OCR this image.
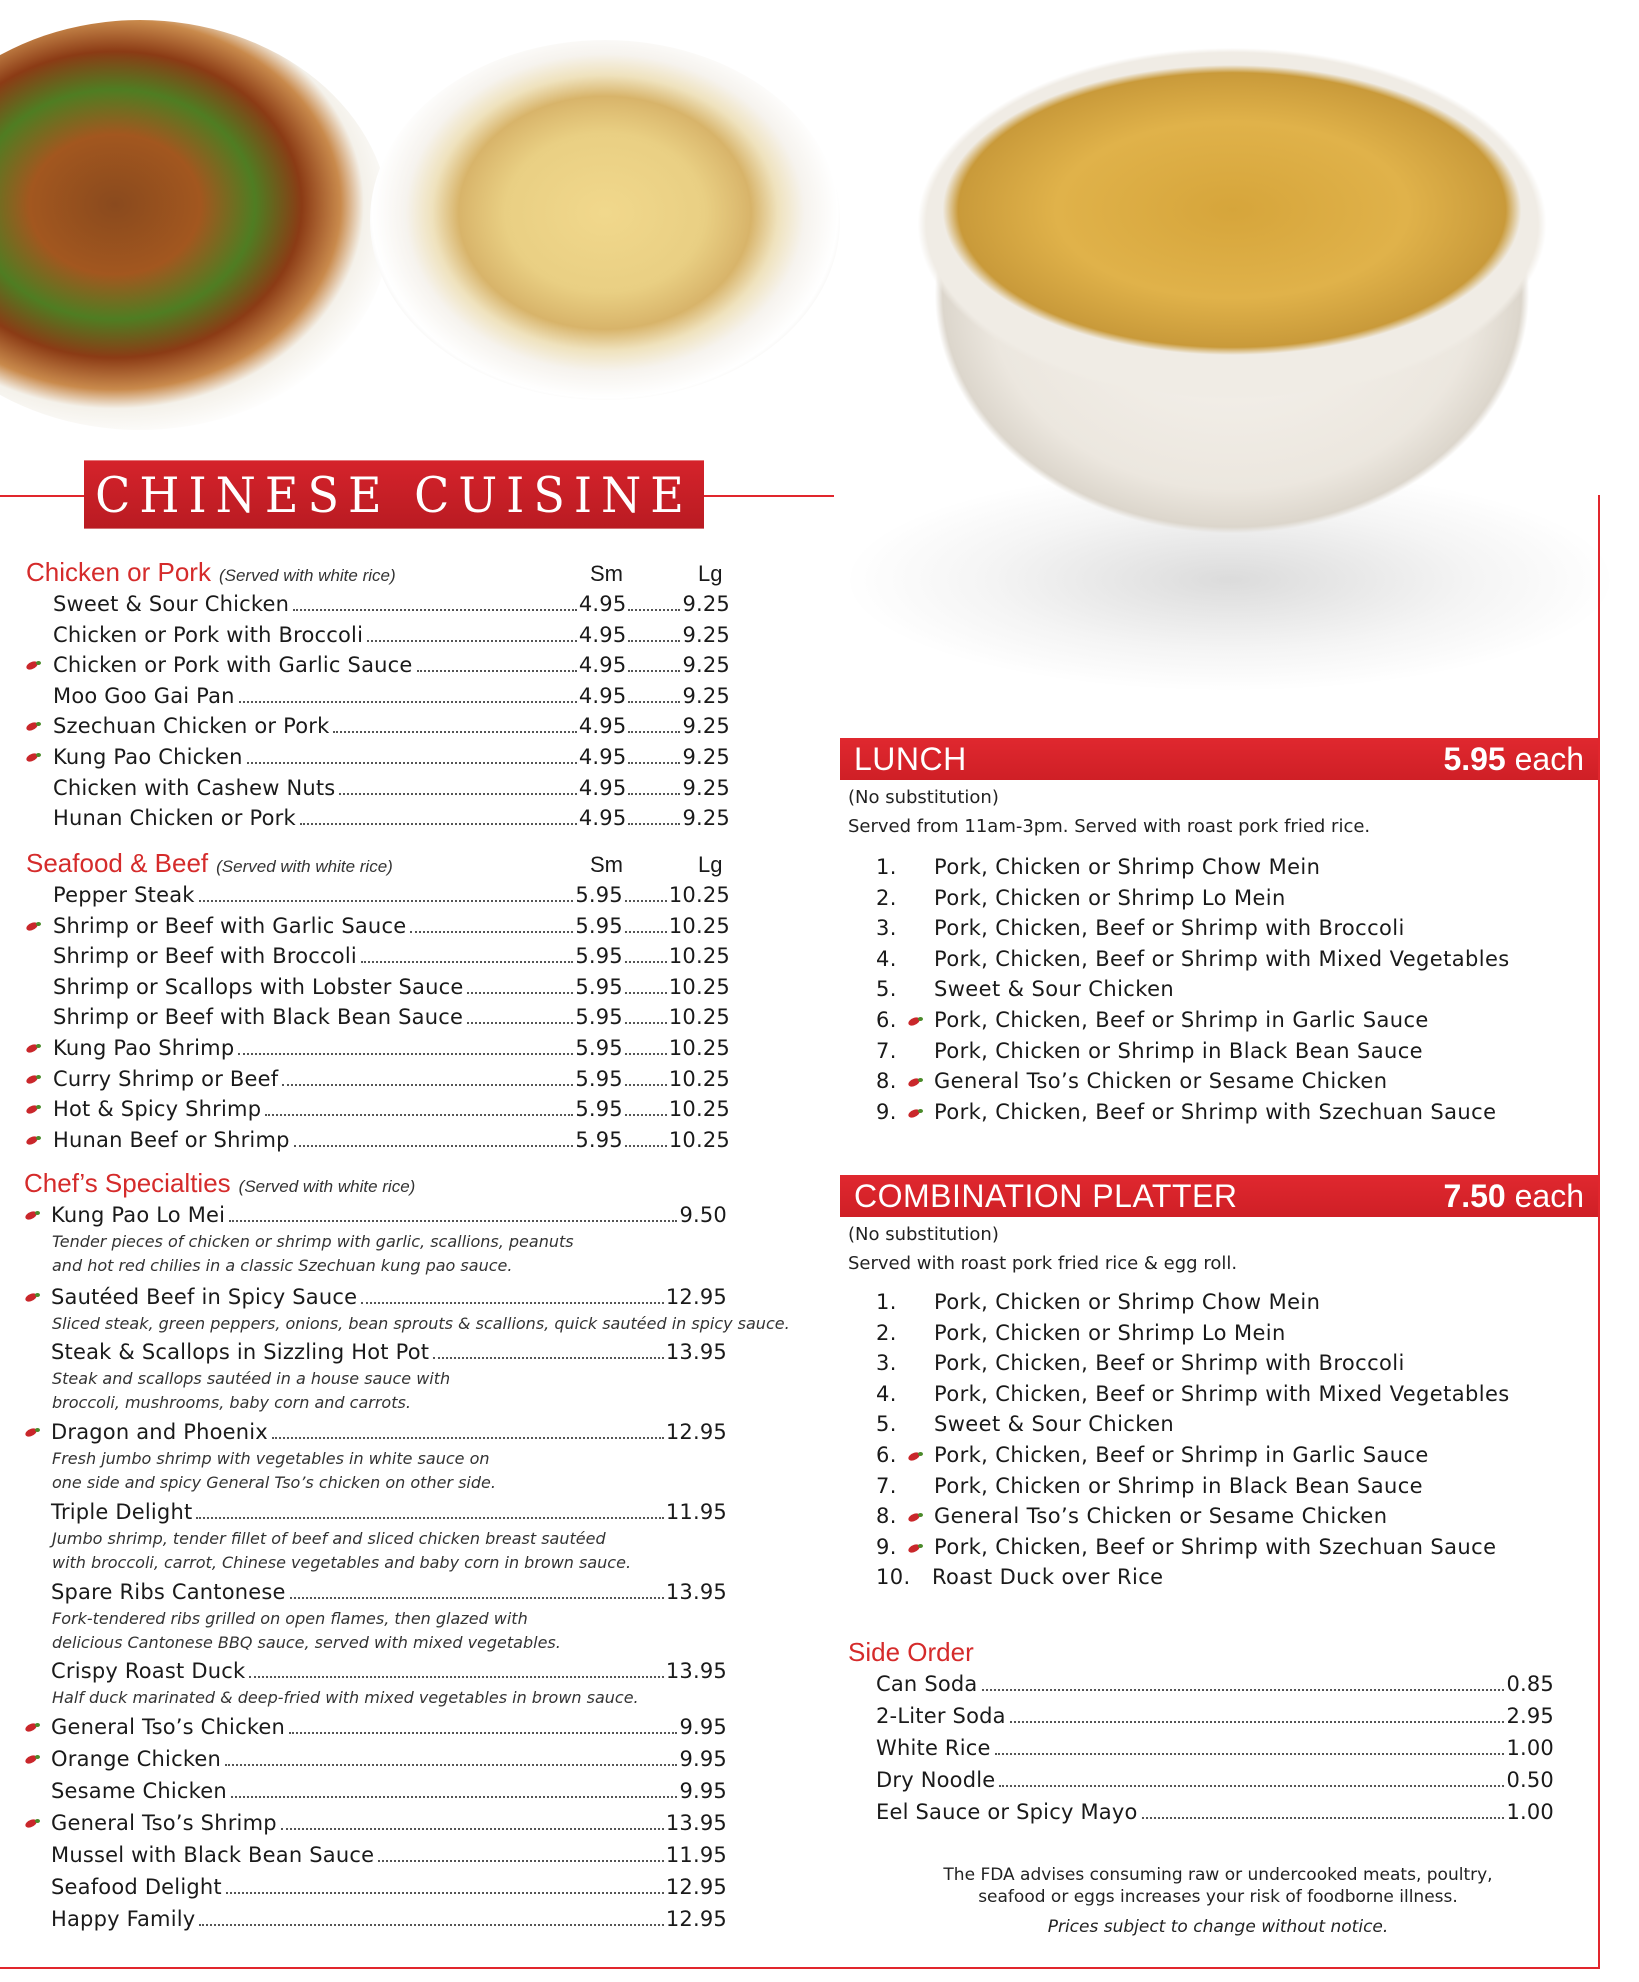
CHINESE CUISINE
Chicken or Pork (Served with white rice)	Sm	Lg
Sweet & Sour Chicken	4.95	9.25
Chicken or Pork with Broccoli	4.95	9.25
Chicken or Pork with Garlic Sauce	4.95	9.25
Moo Goo Gai Pan	4.95	9.25
Szechuan Chicken or Pork	4.95	9.25
Kung Pao Chicken	4.95	9.25
Chicken with Cashew Nuts	4.95	9.25
Hunan Chicken or Pork	4.95	9.25
Seafood & Beef (Served with white rice)	Sm	Lg
Pepper Steak	5.95 10.25
Shrimp or Beef with Garlic Sauce	5.95 10.25
Shrimp or Beef with Broccoli	5.95 10.25
Shrimp or Scallops with Lobster Sauce	5.95 10.25
Shrimp or Beef with Black Bean Sauce	5.95 10.25
Kung Pao Shrimp	5.95 10.25
Curry Shrimp or Beef	5.95 10.25
Hot & Spicy Shrimp	5.95 10.25
Hunan Beef or Shrimp	5.95 10.25
Chef’s Specialties (Served with white rice)
Kung Pao Lo Mei	9.50
Tender pieces of chicken or shrimp with garlic, scallions, peanuts
and hot red chilies in a classic Szechuan kung pao sauce.
Sautéed Beef in Spicy Sauce	12.95
Sliced steak, green peppers, onions, bean sprouts & scallions, quick sautéed in spicy sauce.
Steak & Scallops in Sizzling Hot Pot	13.95
Steak and scallops sautéed in a house sauce with
broccoli, mushrooms, baby corn and carrots.
Dragon and Phoenix	12.95
Fresh jumbo shrimp with vegetables in white sauce on
one side and spicy General Tso’s chicken on other side.
Triple Delight	11.95
Jumbo shrimp, tender fillet of beef and sliced chicken breast sautéed
with broccoli, carrot, Chinese vegetables and baby corn in brown sauce.
Spare Ribs Cantonese	13.95
Fork-tendered ribs grilled on open flames, then glazed with
delicious Cantonese BBQ sauce, served with mixed vegetables.
Crispy Roast Duck	13.95
Half duck marinated & deep-fried with mixed vegetables in brown sauce.
General Tso’s Chicken	9.95
Orange Chicken	9.95
Sesame Chicken	9.95
General Tso’s Shrimp	13.95
Mussel with Black Bean Sauce	11.95
Seafood Delight	12.95
Happy Family	12.95
LUNCH	5.95 each
(No substitution)
Served from 11am-3pm. Served with roast pork fried rice.
1. Pork, Chicken or Shrimp Chow Mein
2. Pork, Chicken or Shrimp Lo Mein
3. Pork, Chicken, Beef or Shrimp with Broccoli
4. Pork, Chicken, Beef or Shrimp with Mixed Vegetables
5. Sweet & Sour Chicken
6. Pork, Chicken, Beef or Shrimp in Garlic Sauce
7. Pork, Chicken or Shrimp in Black Bean Sauce
8. General Tso’s Chicken or Sesame Chicken
9. Pork, Chicken, Beef or Shrimp with Szechuan Sauce
COMBINATION PLATTER	7.50 each
(No substitution)
Served with roast pork fried rice & egg roll.
1. Pork, Chicken or Shrimp Chow Mein
2. Pork, Chicken or Shrimp Lo Mein
3. Pork, Chicken, Beef or Shrimp with Broccoli
4. Pork, Chicken, Beef or Shrimp with Mixed Vegetables
5. Sweet & Sour Chicken
6. Pork, Chicken, Beef or Shrimp in Garlic Sauce
7. Pork, Chicken or Shrimp in Black Bean Sauce
8. General Tso’s Chicken or Sesame Chicken
9. Pork, Chicken, Beef or Shrimp with Szechuan Sauce
10. Roast Duck over Rice
Side Order
Can Soda	0.85
2-Liter Soda	2.95
White Rice	1.00
Dry Noodle	0.50
Eel Sauce or Spicy Mayo	1.00
The FDA advises consuming raw or undercooked meats, poultry,
seafood or eggs increases your risk of foodborne illness.
Prices subject to change without notice.
